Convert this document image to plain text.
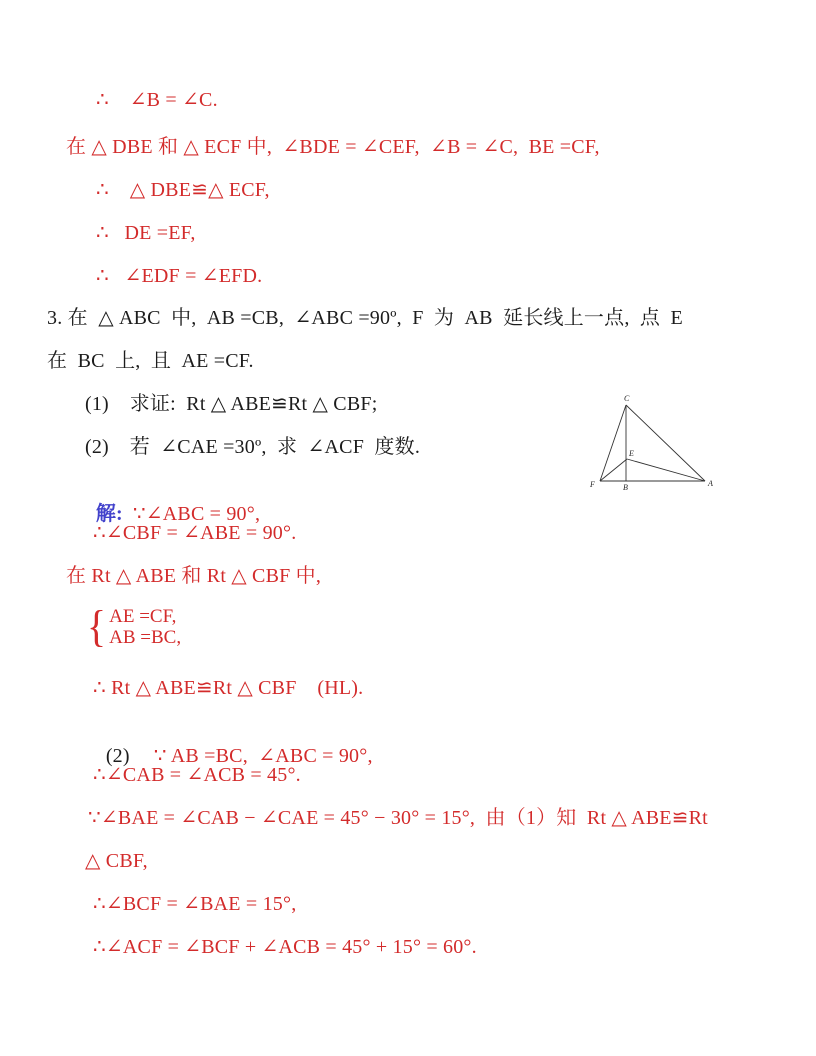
∴    ∠B = ∠C.
在 △ DBE 和 △ ECF 中,  ∠BDE = ∠CEF,  ∠B = ∠C,  BE =CF,
∴    △ DBE≌△ ECF,
∴   DE =EF,
∴   ∠EDF = ∠EFD.
3. 在  △ ABC  中,  AB =CB,  ∠ABC =90º,  F  为  AB  延长线上一点,  点  E
在  BC  上,  且  AE =CF.
(1)    求证:  Rt △ ABE≌Rt △ CBF;
(2)    若  ∠CAE =30º,  求  ∠ACF  度数.
C
E
F	B	A

解: ∵∠ABC = 90°,

∴∠CBF = ∠ABE = 90°.
在 Rt △ ABE 和 Rt △ CBF 中,
{ AE =CF,
AB =BC,
∴ Rt △ ABE≌Rt △ CBF    (HL).

(2) ∵ AB =BC,  ∠ABC = 90°,

∴∠CAB = ∠ACB = 45°.
∵∠BAE = ∠CAB − ∠CAE = 45° − 30° = 15°,  由（1）知  Rt △ ABE≌Rt
△ CBF,
∴∠BCF = ∠BAE = 15°,
∴∠ACF = ∠BCF + ∠ACB = 45° + 15° = 60°.
